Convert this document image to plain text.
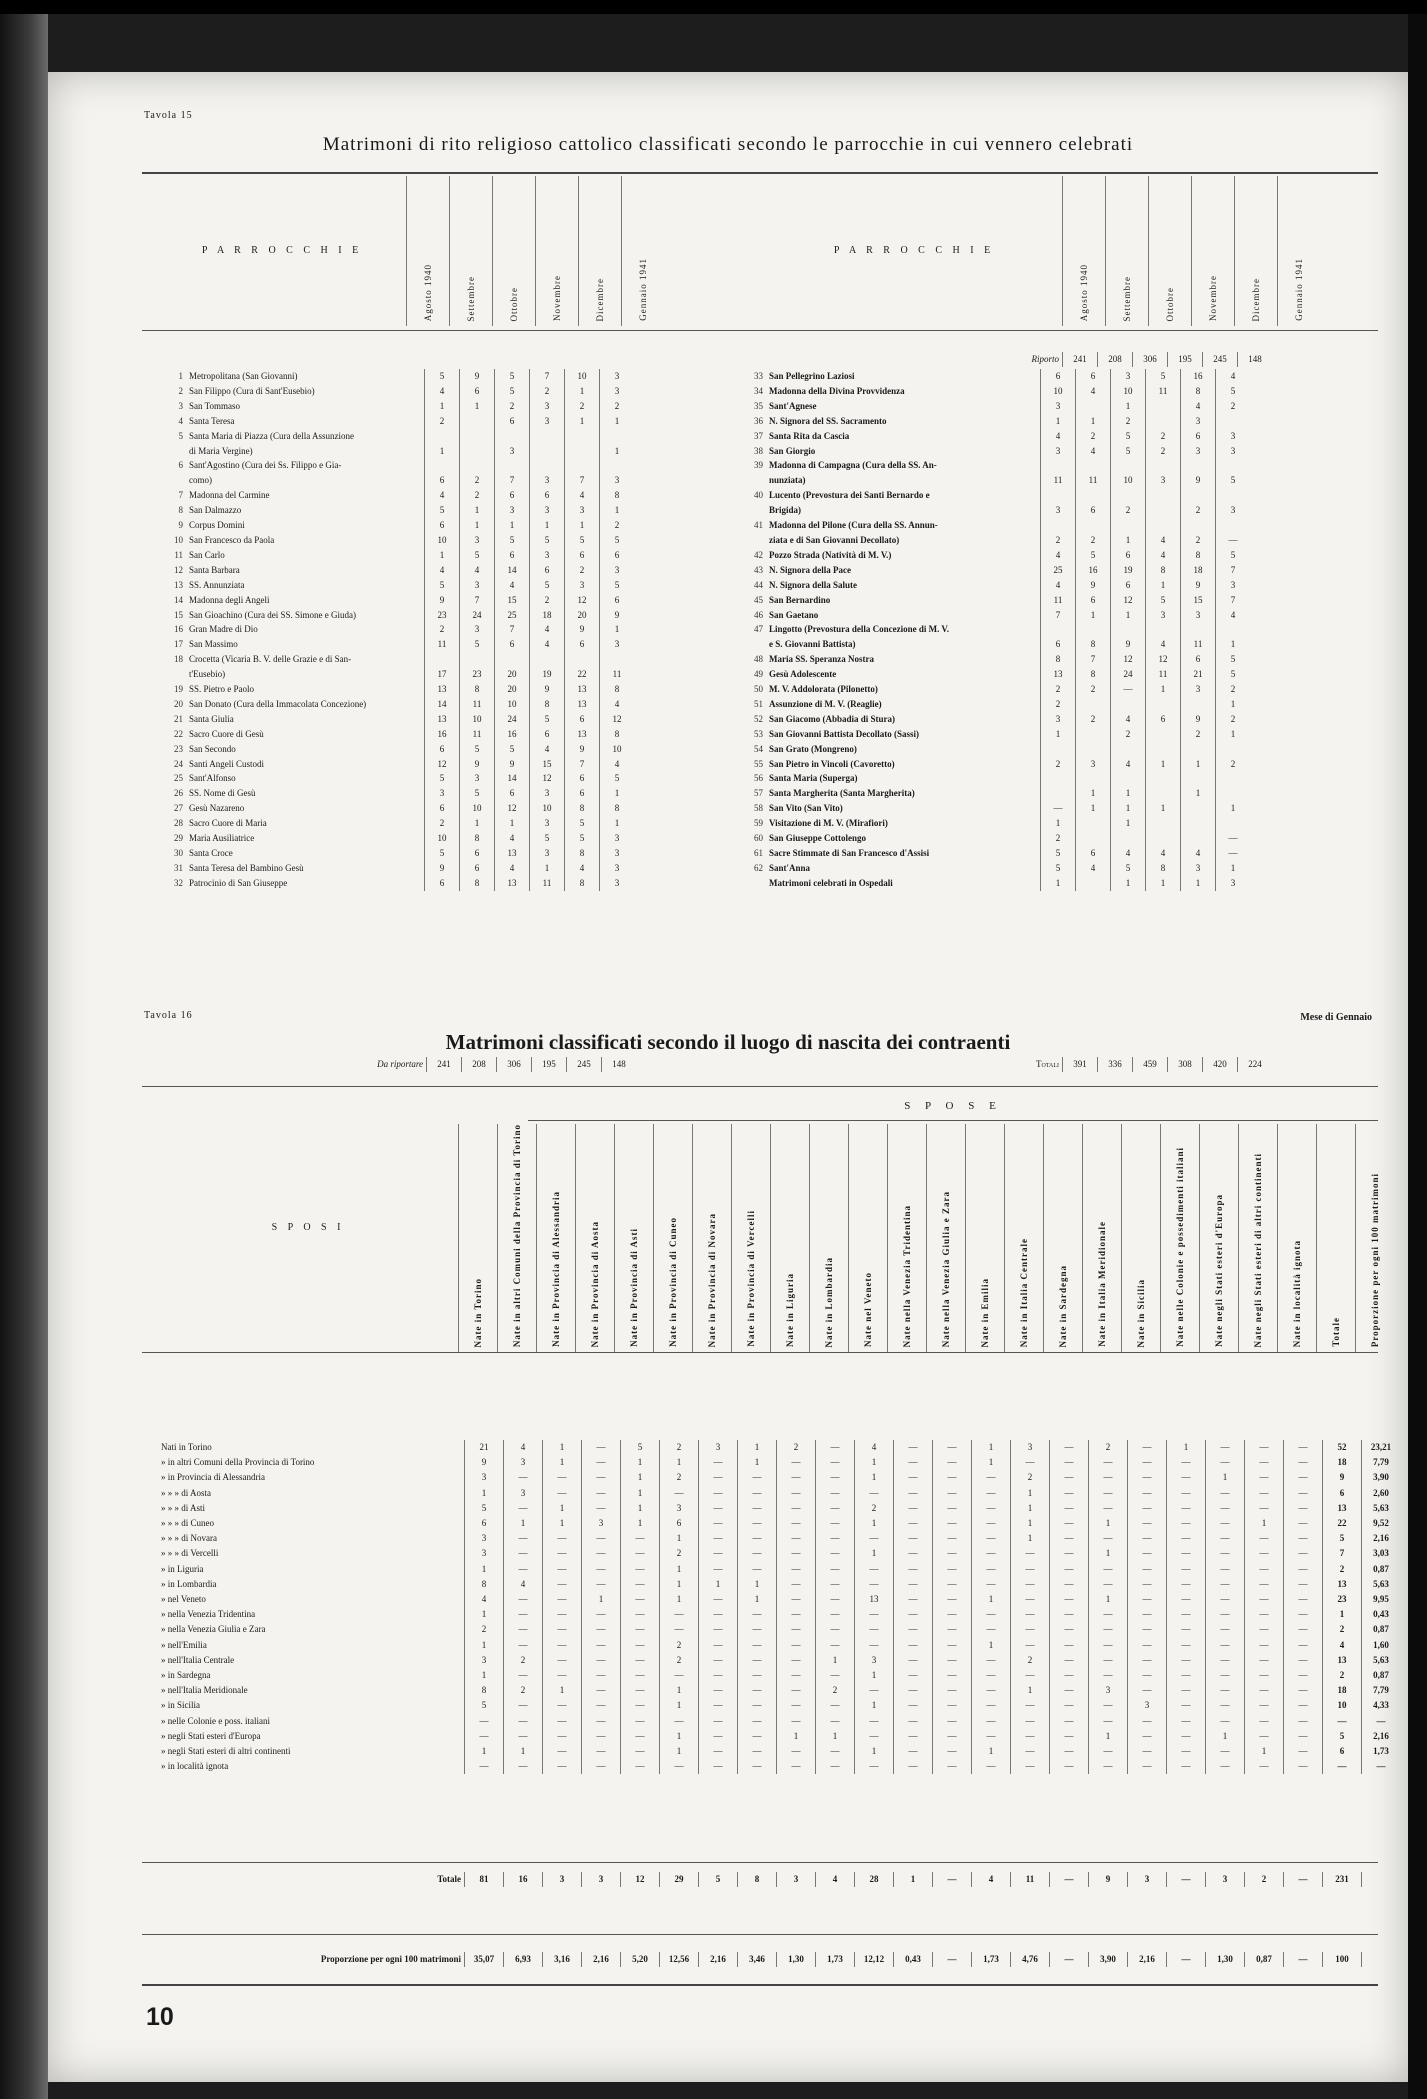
Tavola 15
Matrimoni di rito religioso cattolico classificati secondo le parrocchie in cui vennero celebrati
P A R R O C C H I E	Agosto 1940	Settembre	Ottobre	Novembre	Dicembre	Gennaio 1941
P A R R O C C H I E	Agosto 1940	Settembre	Ottobre	Novembre	Dicembre	Gennaio 1941
Riporto	241	208	306	195	245	148
1	Metropolitana (San Giovanni)	5	9	5	7	10	3
2	San Filippo (Cura di Sant'Eusebio)	4	6	5	2	1	3
3	San Tommaso	1	1	2	3	2	2
4	Santa Teresa	2		6	3	1	1
5	Santa Maria di Piazza (Cura della Assunzione						
	di Maria Vergine)	1		3			1
6	Sant'Agostino (Cura dei Ss. Filippo e Gia-						
	como)	6	2	7	3	7	3
7	Madonna del Carmine	4	2	6	6	4	8
8	San Dalmazzo	5	1	3	3	3	1
9	Corpus Domini	6	1	1	1	1	2
10	San Francesco da Paola	10	3	5	5	5	5
11	San Carlo	1	5	6	3	6	6
12	Santa Barbara	4	4	14	6	2	3
13	SS. Annunziata	5	3	4	5	3	5
14	Madonna degli Angeli	9	7	15	2	12	6
15	San Gioachino (Cura dei SS. Simone e Giuda)	23	24	25	18	20	9
16	Gran Madre di Dio	2	3	7	4	9	1
17	San Massimo	11	5	6	4	6	3
18	Crocetta (Vicaria B. V. delle Grazie e di San-						
	t'Eusebio)	17	23	20	19	22	11
19	SS. Pietro e Paolo	13	8	20	9	13	8
20	San Donato (Cura della Immacolata Concezione)	14	11	10	8	13	4
21	Santa Giulia	13	10	24	5	6	12
22	Sacro Cuore di Gesù	16	11	16	6	13	8
23	San Secondo	6	5	5	4	9	10
24	Santi Angeli Custodi	12	9	9	15	7	4
25	Sant'Alfonso	5	3	14	12	6	5
26	SS. Nome di Gesù	3	5	6	3	6	1
27	Gesù Nazareno	6	10	12	10	8	8
28	Sacro Cuore di Maria	2	1	1	3	5	1
29	Maria Ausiliatrice	10	8	4	5	5	3
30	Santa Croce	5	6	13	3	8	3
31	Santa Teresa del Bambino Gesù	9	6	4	1	4	3
32	Patrocinio di San Giuseppe	6	8	13	11	8	3
33	San Pellegrino Laziosi	6	6	3	5	16	4
34	Madonna della Divina Provvidenza	10	4	10	11	8	5
35	Sant'Agnese	3		1		4	2
36	N. Signora del SS. Sacramento	1	1	2		3	
37	Santa Rita da Cascia	4	2	5	2	6	3
38	San Giorgio	3	4	5	2	3	3
39	Madonna di Campagna (Cura della SS. An-						
	nunziata)	11	11	10	3	9	5
40	Lucento (Prevostura dei Santi Bernardo e						
	Brigida)	3	6	2		2	3
41	Madonna del Pilone (Cura della SS. Annun-						
	ziata e di San Giovanni Decollato)	2	2	1	4	2	—
42	Pozzo Strada (Natività di M. V.)	4	5	6	4	8	5
43	N. Signora della Pace	25	16	19	8	18	7
44	N. Signora della Salute	4	9	6	1	9	3
45	San Bernardino	11	6	12	5	15	7
46	San Gaetano	7	1	1	3	3	4
47	Lingotto (Prevostura della Concezione di M. V.						
	e S. Giovanni Battista)	6	8	9	4	11	1
48	Maria SS. Speranza Nostra	8	7	12	12	6	5
49	Gesù Adolescente	13	8	24	11	21	5
50	M. V. Addolorata (Pilonetto)	2	2	—	1	3	2
51	Assunzione di M. V. (Reaglie)	2					1
52	San Giacomo (Abbadia di Stura)	3	2	4	6	9	2
53	San Giovanni Battista Decollato (Sassi)	1		2		2	1
54	San Grato (Mongreno)						
55	San Pietro in Vincoli (Cavoretto)	2	3	4	1	1	2
56	Santa Maria (Superga)						
57	Santa Margherita (Santa Margherita)		1	1		1	
58	San Vito (San Vito)	—	1	1	1		1
59	Visitazione di M. V. (Mirafiori)	1		1			
60	San Giuseppe Cottolengo	2					—
61	Sacre Stimmate di San Francesco d'Assisi	5	6	4	4	4	—
62	Sant'Anna	5	4	5	8	3	1
	Matrimoni celebrati in Ospedali	1		1	1	1	3
Da riportare	241	208	306	195	245	148	Totali	391	336	459	308	420	224
Tavola 16	Mese di Gennaio
Matrimoni classificati secondo il luogo di nascita dei contraenti
S P O S E
S P O S I
Nate in Torino	Nate in altri Comuni della Provincia di Torino	Nate in Provincia di Alessandria	Nate in Provincia di Aosta	Nate in Provincia di Asti	Nate in Provincia di Cuneo	Nate in Provincia di Novara	Nate in Provincia di Vercelli	Nate in Liguria	Nate in Lombardia	Nate nel Veneto	Nate nella Venezia Tridentina	Nate nella Venezia Giulia e Zara	Nate in Emilia	Nate in Italia Centrale	Nate in Sardegna	Nate in Italia Meridionale	Nate in Sicilia	Nate nelle Colonie e possedimenti italiani	Nate negli Stati esteri d'Europa	Nate negli Stati esteri di altri continenti	Nate in località ignota	Totale	Proporzione per ogni 100 matrimoni
Nati in Torino	21	4	1	—	5	2	3	1	2	—	4	—	—	1	3	—	2	—	1	—	—	—	52	23,21
» in altri Comuni della Provincia di Torino	9	3	1	—	1	1	—	1	—	—	1	—	—	1	—	—	—	—	—	—	—	—	18	7,79
» in Provincia di Alessandria	3	—	—	—	1	2	—	—	—	—	1	—	—	—	2	—	—	—	—	1	—	—	9	3,90
» » » di Aosta	1	3	—	—	1	—	—	—	—	—	—	—	—	—	1	—	—	—	—	—	—	—	6	2,60
» » » di Asti	5	—	1	—	1	3	—	—	—	—	2	—	—	—	1	—	—	—	—	—	—	—	13	5,63
» » » di Cuneo	6	1	1	3	1	6	—	—	—	—	1	—	—	—	1	—	1	—	—	—	1	—	22	9,52
» » » di Novara	3	—	—	—	—	1	—	—	—	—	—	—	—	—	1	—	—	—	—	—	—	—	5	2,16
» » » di Vercelli	3	—	—	—	—	2	—	—	—	—	1	—	—	—	—	—	1	—	—	—	—	—	7	3,03
» in Liguria	1	—	—	—	—	1	—	—	—	—	—	—	—	—	—	—	—	—	—	—	—	—	2	0,87
» in Lombardia	8	4	—	—	—	1	1	1	—	—	—	—	—	—	—	—	—	—	—	—	—	—	13	5,63
» nel Veneto	4	—	—	1	—	1	—	1	—	—	13	—	—	1	—	—	1	—	—	—	—	—	23	9,95
» nella Venezia Tridentina	1	—	—	—	—	—	—	—	—	—	—	—	—	—	—	—	—	—	—	—	—	—	1	0,43
» nella Venezia Giulia e Zara	2	—	—	—	—	—	—	—	—	—	—	—	—	—	—	—	—	—	—	—	—	—	2	0,87
» nell'Emilia	1	—	—	—	—	2	—	—	—	—	—	—	—	1	—	—	—	—	—	—	—	—	4	1,60
» nell'Italia Centrale	3	2	—	—	—	2	—	—	—	1	3	—	—	—	2	—	—	—	—	—	—	—	13	5,63
» in Sardegna	1	—	—	—	—	—	—	—	—	—	1	—	—	—	—	—	—	—	—	—	—	—	2	0,87
» nell'Italia Meridionale	8	2	1	—	—	1	—	—	—	2	—	—	—	—	1	—	3	—	—	—	—	—	18	7,79
» in Sicilia	5	—	—	—	—	1	—	—	—	—	1	—	—	—	—	—	—	3	—	—	—	—	10	4,33
» nelle Colonie e poss. italiani	—	—	—	—	—	—	—	—	—	—	—	—	—	—	—	—	—	—	—	—	—	—	—	—
» negli Stati esteri d'Europa	—	—	—	—	—	1	—	—	1	1	—	—	—	—	—	—	1	—	—	1	—	—	5	2,16
» negli Stati esteri di altri continenti	1	1	—	—	—	1	—	—	—	—	1	—	—	1	—	—	—	—	—	—	1	—	6	1,73
» in località ignota	—	—	—	—	—	—	—	—	—	—	—	—	—	—	—	—	—	—	—	—	—	—	—	—
Totale	81	16	3	3	12	29	5	8	3	4	28	1	—	4	11	—	9	3	—	3	2	—	231	
Proporzione per ogni 100 matrimoni	35,07	6,93	3,16	2,16	5,20	12,56	2,16	3,46	1,30	1,73	12,12	0,43	—	1,73	4,76	—	3,90	2,16	—	1,30	0,87	—	100	
10
